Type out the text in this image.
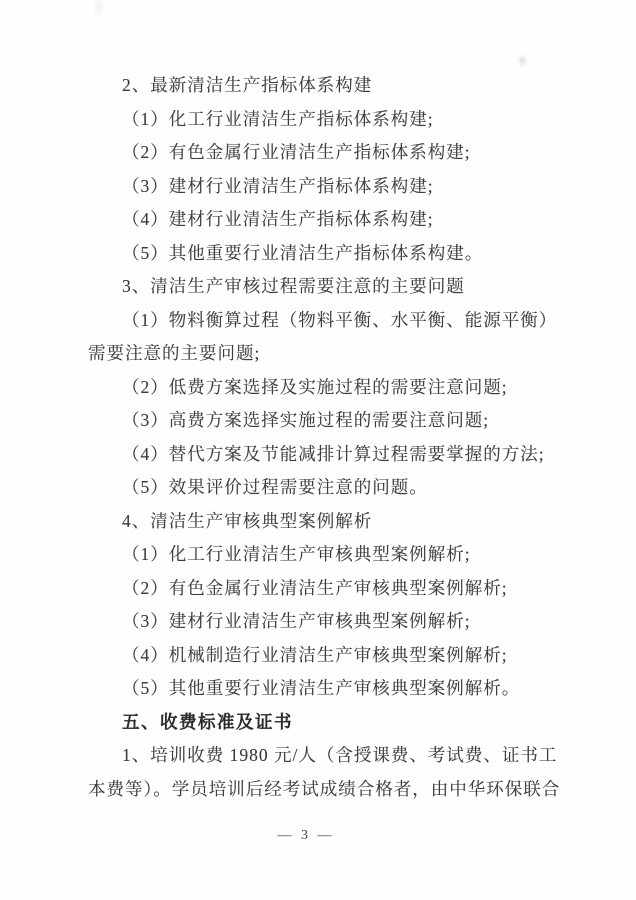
2、最新清洁生产指标体系构建

（1）化工行业清洁生产指标体系构建;

（2）有色金属行业清洁生产指标体系构建;

（3）建材行业清洁生产指标体系构建;

（4）建材行业清洁生产指标体系构建;

（5）其他重要行业清洁生产指标体系构建。

3、清洁生产审核过程需要注意的主要问题

（1）物料衡算过程（物料平衡、水平衡、能源平衡）

需要注意的主要问题;

（2）低费方案选择及实施过程的需要注意问题;

（3）高费方案选择实施过程的需要注意问题;

（4）替代方案及节能减排计算过程需要掌握的方法;

（5）效果评价过程需要注意的问题。

4、清洁生产审核典型案例解析

（1）化工行业清洁生产审核典型案例解析;

（2）有色金属行业清洁生产审核典型案例解析;

（3）建材行业清洁生产审核典型案例解析;

（4）机械制造行业清洁生产审核典型案例解析;

（5）其他重要行业清洁生产审核典型案例解析。

五、收费标准及证书

1、培训收费 1980 元/人（含授课费、考试费、证书工

本费等）。学员培训后经考试成绩合格者，由中华环保联合

— 3 —
